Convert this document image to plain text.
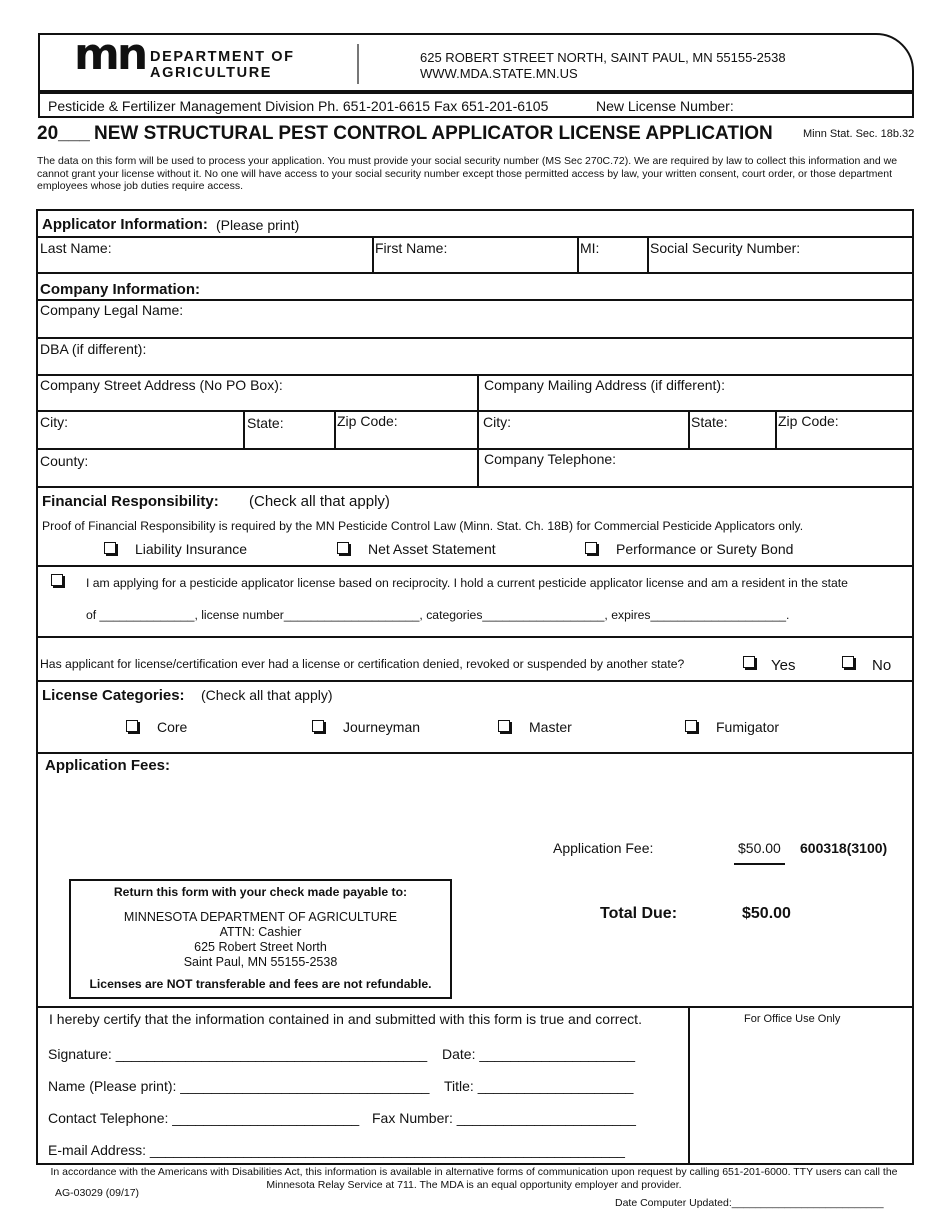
mn DEPARTMENT OF
AGRICULTURE
625 ROBERT STREET NORTH, SAINT PAUL, MN 55155-2538
WWW.MDA.STATE.MN.US
Pesticide & Fertilizer Management Division Ph. 651-201-6615 Fax 651-201-6105	New License Number:
20___ NEW STRUCTURAL PEST CONTROL APPLICATOR LICENSE APPLICATION	Minn Stat. Sec. 18b.32
The data on this form will be used to process your application. You must provide your social security number (MS Sec 270C.72). We are required by law to collect this information and we cannot grant your license without it. No one will have access to your social security number except those permitted access by law, your written consent, court order, or those department employees whose job duties require access.
Applicator Information: (Please print)
Last Name:	First Name:	MI:	Social Security Number:
Company Information:
Company Legal Name:
DBA (if different):
Company Street Address (No PO Box):	Company Mailing Address (if different):
City:	State:	Zip Code:	City:	State:	Zip Code:
County:	Company Telephone:
Financial Responsibility: (Check all that apply)
Proof of Financial Responsibility is required by the MN Pesticide Control Law (Minn. Stat. Ch. 18B) for Commercial Pesticide Applicators only.
Liability Insurance	Net Asset Statement	Performance or Surety Bond
I am applying for a pesticide applicator license based on reciprocity. I hold a current pesticide applicator license and am a resident in the state
of ______________, license number____________________, categories__________________, expires____________________.
Has applicant for license/certification ever had a license or certification denied, revoked or suspended by another state?	Yes	No
License Categories: (Check all that apply)
Core	Journeyman	Master	Fumigator
Application Fees:
Application Fee:	$50.00 600318(3100)
Total Due:	$50.00
Return this form with your check made payable to:
MINNESOTA DEPARTMENT OF AGRICULTURE
ATTN: Cashier
625 Robert Street North
Saint Paul, MN 55155-2538
Licenses are NOT transferable and fees are not refundable.
I hereby certify that the information contained in and submitted with this form is true and correct.	For Office Use Only
Signature: ________________________________________ Date: ____________________
Name (Please print): ________________________________ Title: ____________________
Contact Telephone: ________________________ Fax Number: _______________________
E-mail Address: _____________________________________________________________
In accordance with the Americans with Disabilities Act, this information is available in alternative forms of communication upon request by calling 651-201-6000. TTY users can call the Minnesota Relay Service at 711. The MDA is an equal opportunity employer and provider.
AG-03029 (09/17)
Date Computer Updated:__________________________
